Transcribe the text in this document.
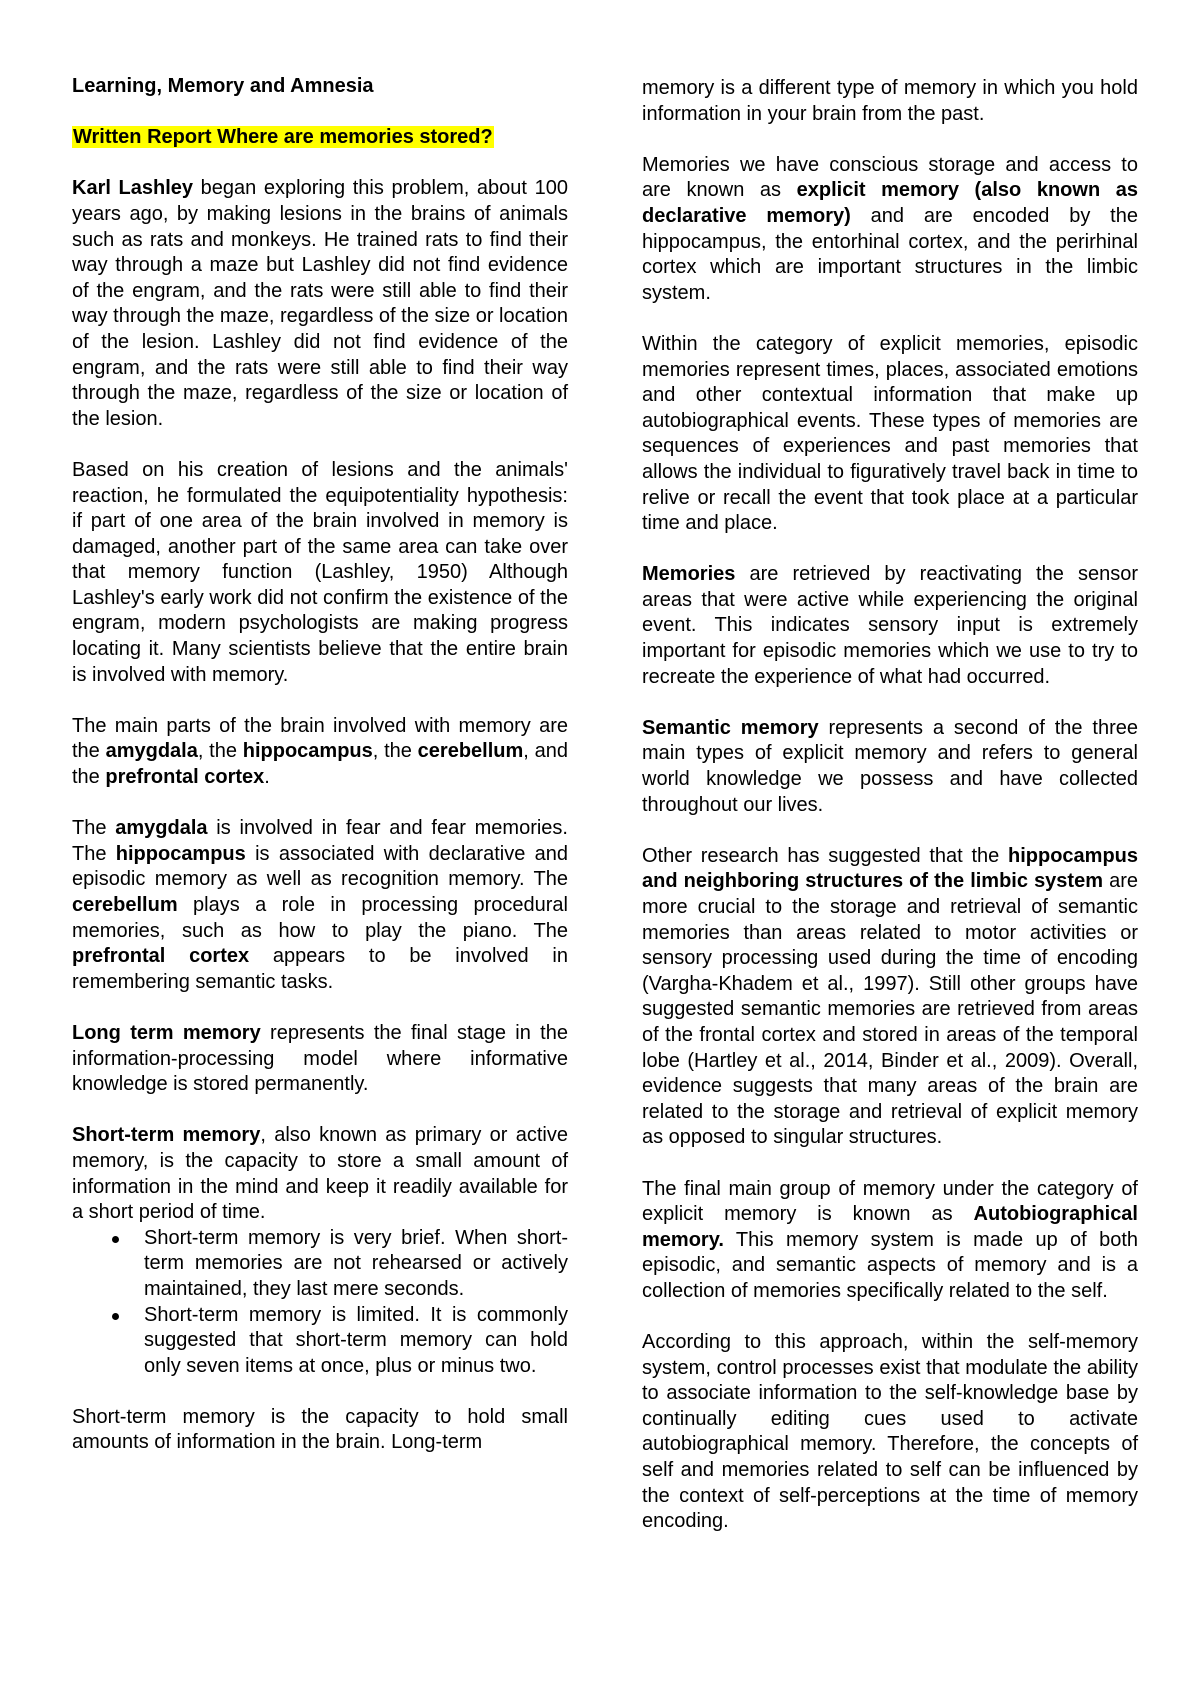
Learning, Memory and Amnesia

Written Report Where are memories stored?

Karl Lashley began exploring this problem, about 100 years ago, by making lesions in the brains of animals such as rats and monkeys. He trained rats to find their way through a maze but Lashley did not find evidence of the engram, and the rats were still able to find their way through the maze, regardless of the size or location of the lesion. Lashley did not find evidence of the engram, and the rats were still able to find their way through the maze, regardless of the size or location of the lesion.

Based on his creation of lesions and the animals' reaction, he formulated the equipotentiality hypothesis: if part of one area of the brain involved in memory is damaged, another part of the same area can take over that memory function (Lashley, 1950) Although Lashley's early work did not confirm the existence of the engram, modern psychologists are making progress locating it. Many scientists believe that the entire brain is involved with memory.

The main parts of the brain involved with memory are the amygdala, the hippocampus, the cerebellum, and the prefrontal cortex.

The amygdala is involved in fear and fear memories. The hippocampus is associated with declarative and episodic memory as well as recognition memory. The cerebellum plays a role in processing procedural memories, such as how to play the piano. The prefrontal cortex appears to be involved in remembering semantic tasks.

Long term memory represents the final stage in the information-processing model where informative knowledge is stored permanently.

Short-term memory, also known as primary or active memory, is the capacity to store a small amount of information in the mind and keep it readily available for a short period of time.

Short-term memory is very brief. When short-term memories are not rehearsed or actively maintained, they last mere seconds.
Short-term memory is limited. It is commonly suggested that short-term memory can hold only seven items at once, plus or minus two.

Short-term memory is the capacity to hold small amounts of information in the brain. Long-term

memory is a different type of memory in which you hold information in your brain from the past.

Memories we have conscious storage and access to are known as explicit memory (also known as declarative memory) and are encoded by the hippocampus, the entorhinal cortex, and the perirhinal cortex which are important structures in the limbic system.

Within the category of explicit memories, episodic memories represent times, places, associated emotions and other contextual information that make up autobiographical events. These types of memories are sequences of experiences and past memories that allows the individual to figuratively travel back in time to relive or recall the event that took place at a particular time and place.

Memories are retrieved by reactivating the sensor areas that were active while experiencing the original event. This indicates sensory input is extremely important for episodic memories which we use to try to recreate the experience of what had occurred.

Semantic memory represents a second of the three main types of explicit memory and refers to general world knowledge we possess and have collected throughout our lives.

Other research has suggested that the hippocampus and neighboring structures of the limbic system are more crucial to the storage and retrieval of semantic memories than areas related to motor activities or sensory processing used during the time of encoding (Vargha-Khadem et al., 1997). Still other groups have suggested semantic memories are retrieved from areas of the frontal cortex and stored in areas of the temporal lobe (Hartley et al., 2014, Binder et al., 2009). Overall, evidence suggests that many areas of the brain are related to the storage and retrieval of explicit memory as opposed to singular structures.

The final main group of memory under the category of explicit memory is known as Autobiographical memory. This memory system is made up of both episodic, and semantic aspects of memory and is a collection of memories specifically related to the self.

According to this approach, within the self-memory system, control processes exist that modulate the ability to associate information to the self-knowledge base by continually editing cues used to activate autobiographical memory. Therefore, the concepts of self and memories related to self can be influenced by the context of self-perceptions at the time of memory encoding.
